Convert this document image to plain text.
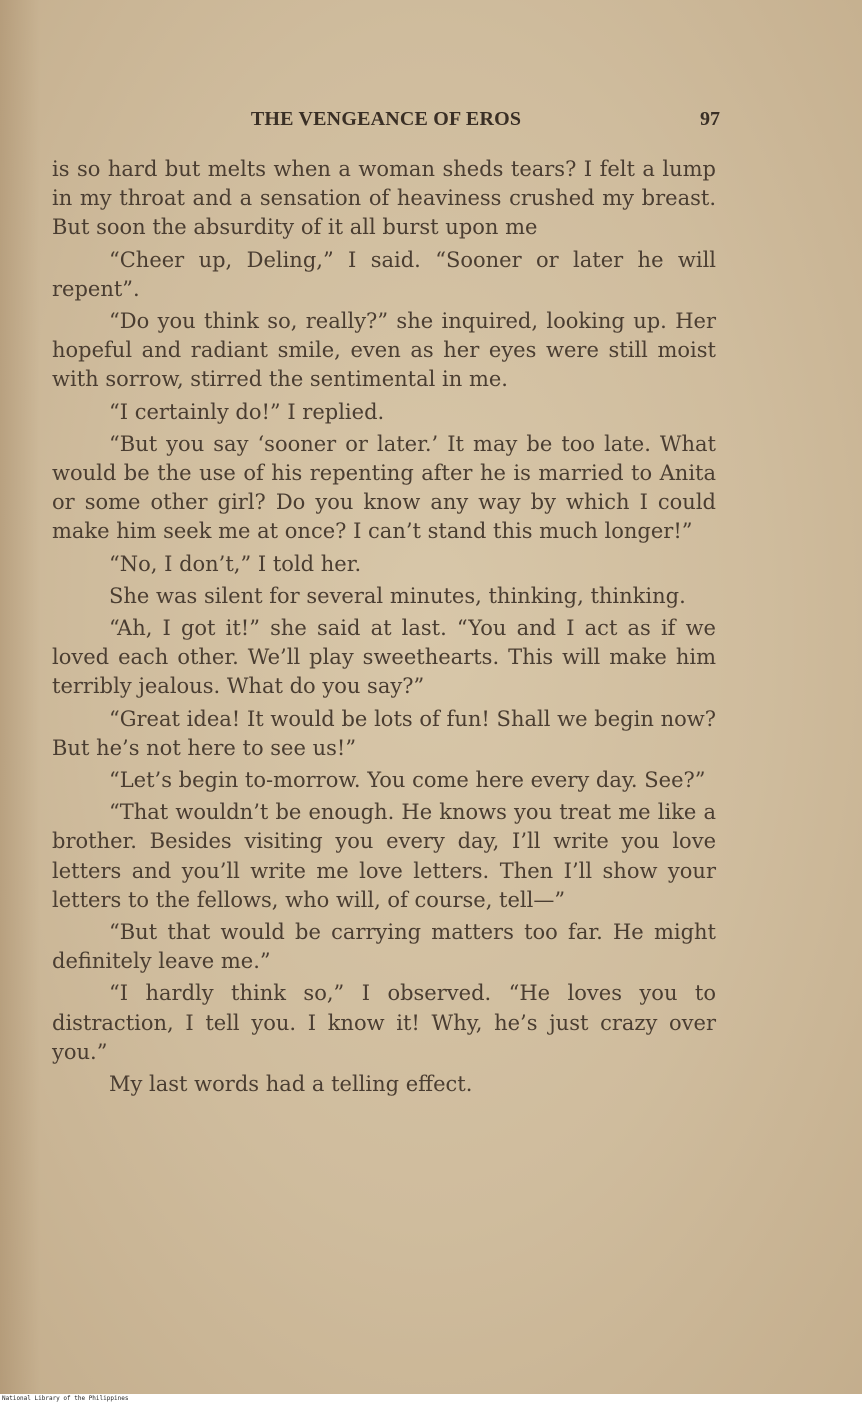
THE VENGEANCE OF EROS	97

is so hard but melts when a woman sheds tears? I felt a lump in my throat and a sensation of heaviness crushed my breast. But soon the absurdity of it all burst upon me

“Cheer up, Deling,” I said. “Sooner or later he will repent”.

“Do you think so, really?” she inquired, looking up. Her hopeful and radiant smile, even as her eyes were still moist with sorrow, stirred the sentimental in me.

“I certainly do!” I replied.

“But you say ‘sooner or later.’ It may be too late. What would be the use of his repenting after he is married to Anita or some other girl? Do you know any way by which I could make him seek me at once? I can’t stand this much longer!”

“No, I don’t,” I told her.

She was silent for several minutes, thinking, thinking.

“Ah, I got it!” she said at last. “You and I act as if we loved each other. We’ll play sweethearts. This will make him terribly jealous. What do you say?”

“Great idea! It would be lots of fun! Shall we begin now? But he’s not here to see us!”

“Let’s begin to-morrow. You come here every day. See?”

“That wouldn’t be enough. He knows you treat me like a brother. Besides visiting you every day, I’ll write you love letters and you’ll write me love letters. Then I’ll show your letters to the fellows, who will, of course, tell—”

“But that would be carrying matters too far. He might definitely leave me.”

“I hardly think so,” I observed. “He loves you to distraction, I tell you. I know it! Why, he’s just crazy over you.”

My last words had a telling effect.

National Library of the Philippines
